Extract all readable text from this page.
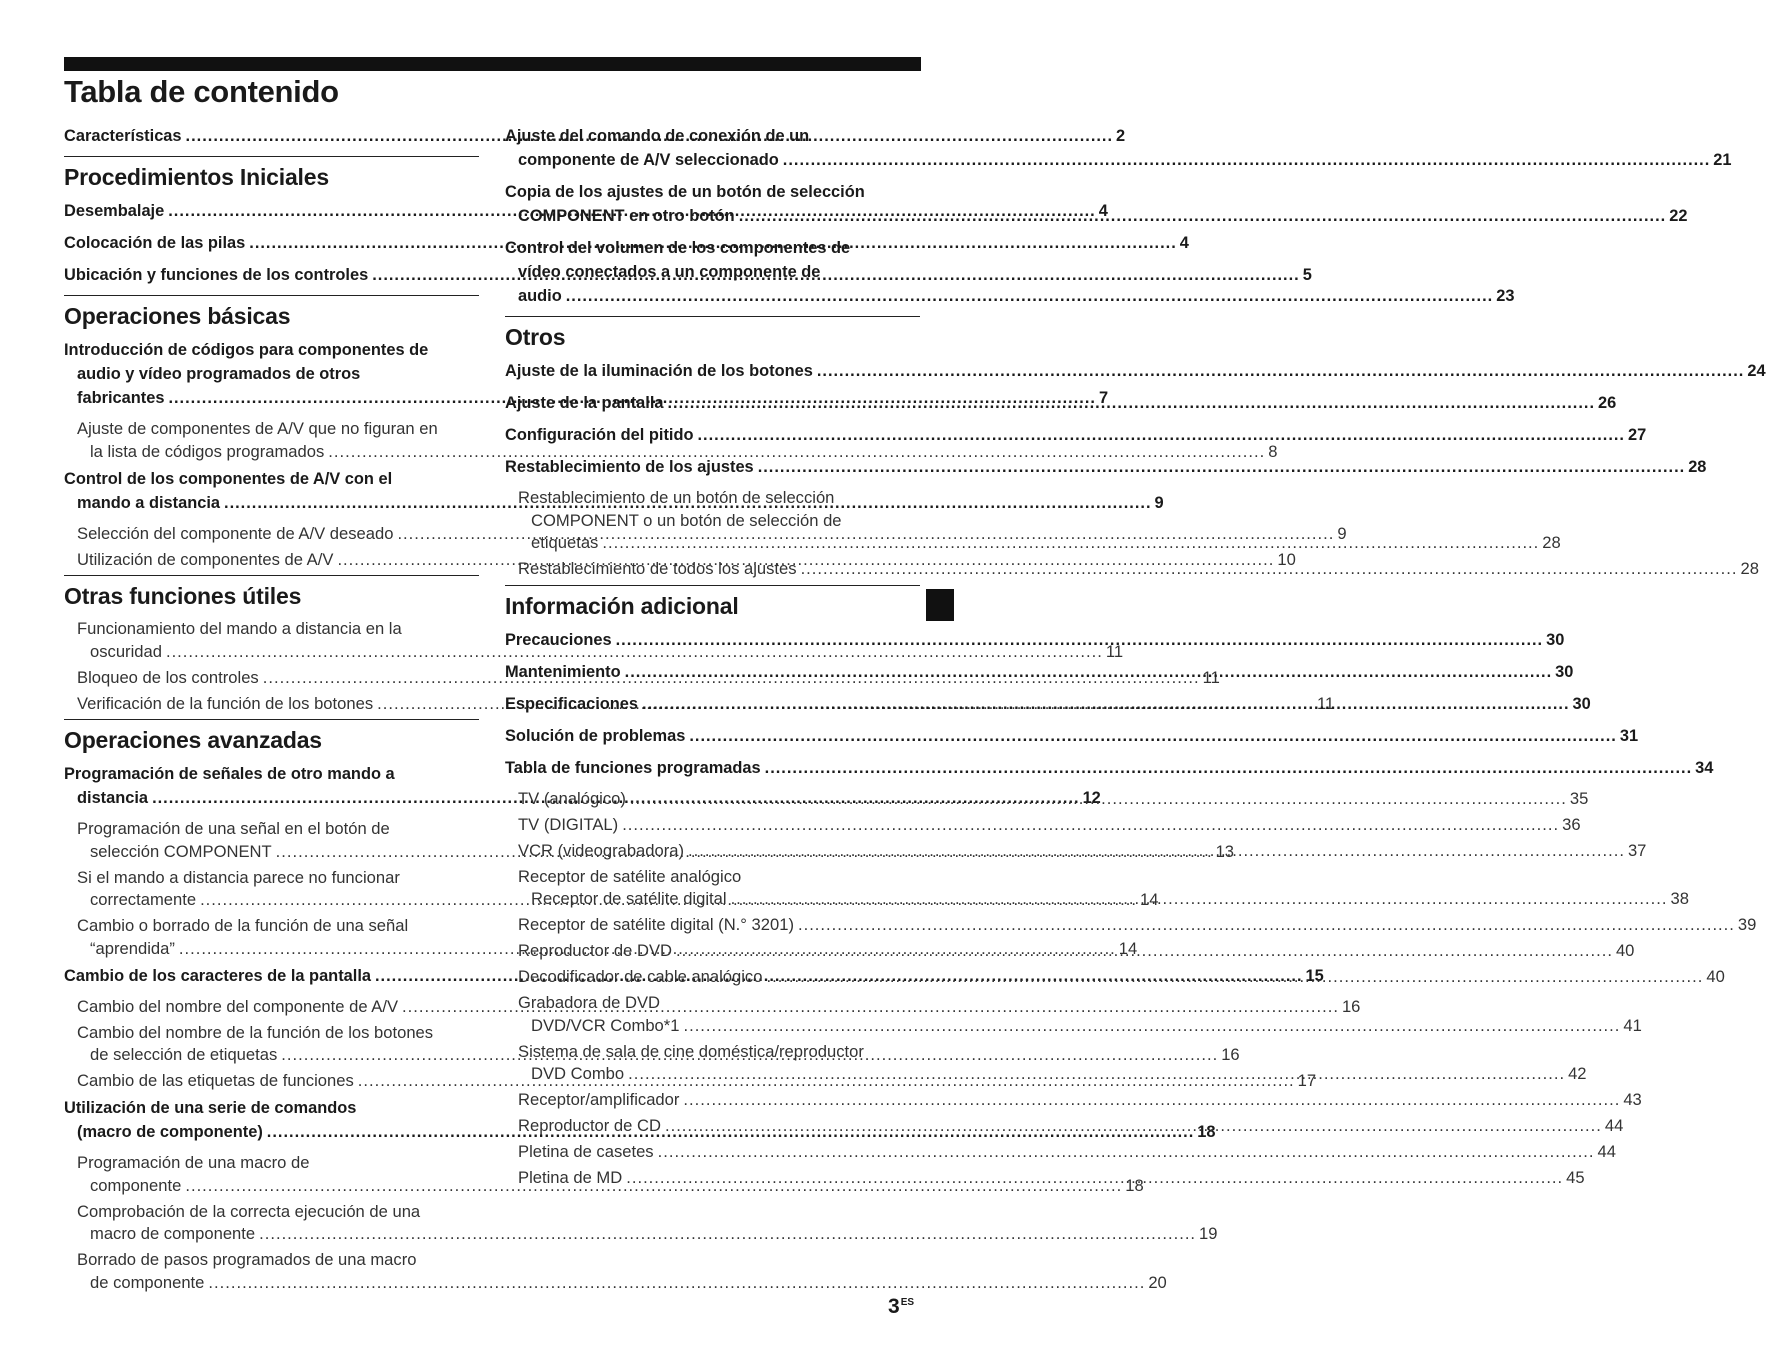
Tabla de contenido
Características .....	2
Procedimientos Iniciales
Desembalaje .....	4
Colocación de las pilas .....	4
Ubicación y funciones de los controles .....	5
Operaciones básicas
Introducción de códigos para componentes de
audio y vídeo programados de otros
fabricantes .....	7
Ajuste de componentes de A/V que no figuran en
la lista de códigos programados .....	8
Control de los componentes de A/V con el
mando a distancia .....	9
Selección del componente de A/V deseado .....	9
Utilización de componentes de A/V .....	10
Otras funciones útiles
Funcionamiento del mando a distancia en la
oscuridad .....	11
Bloqueo de los controles .....	11
Verificación de la función de los botones .....	11
Operaciones avanzadas
Programación de señales de otro mando a
distancia .....	12
Programación de una señal en el botón de
selección COMPONENT .....	13
Si el mando a distancia parece no funcionar
correctamente .....	14
Cambio o borrado de la función de una señal
“aprendida” .....	14
Cambio de los caracteres de la pantalla .....	15
Cambio del nombre del componente de A/V .....	16
Cambio del nombre de la función de los botones
de selección de etiquetas .....	16
Cambio de las etiquetas de funciones .....	17
Utilización de una serie de comandos
(macro de componente) .....	18
Programación de una macro de
componente .....	18
Comprobación de la correcta ejecución de una
macro de componente .....	19
Borrado de pasos programados de una macro
de componente .....	20
Ajuste del comando de conexión de un
componente de A/V seleccionado .....	21
Copia de los ajustes de un botón de selección
COMPONENT en otro botón .....	22
Control del volumen de los componentes de
vídeo conectados a un componente de
audio .....	23
Otros
Ajuste de la iluminación de los botones .....	24
Ajuste de la pantalla .....	26
Configuración del pitido .....	27
Restablecimiento de los ajustes .....	28
Restablecimiento de un botón de selección
COMPONENT o un botón de selección de
etiquetas .....	28
Restablecimiento de todos los ajustes .....	28
Información adicional
Precauciones .....	30
Mantenimiento .....	30
Especificaciones .....	30
Solución de problemas .....	31
Tabla de funciones programadas .....	34
TV (analógico) .....	35
TV (DIGITAL) .....	36
VCR (videograbadora) .....	37
Receptor de satélite analógico
Receptor de satélite digital .....	38
Receptor de satélite digital (N.° 3201) .....	39
Reproductor de DVD .....	40
Decodificador de cable analógico .....	40
Grabadora de DVD
DVD/VCR Combo*1 .....	41
Sistema de sala de cine doméstica/reproductor
DVD Combo .....	42
Receptor/amplificador .....	43
Reproductor de CD .....	44
Pletina de casetes .....	44
Pletina de MD .....	45
$3^{ES}$
